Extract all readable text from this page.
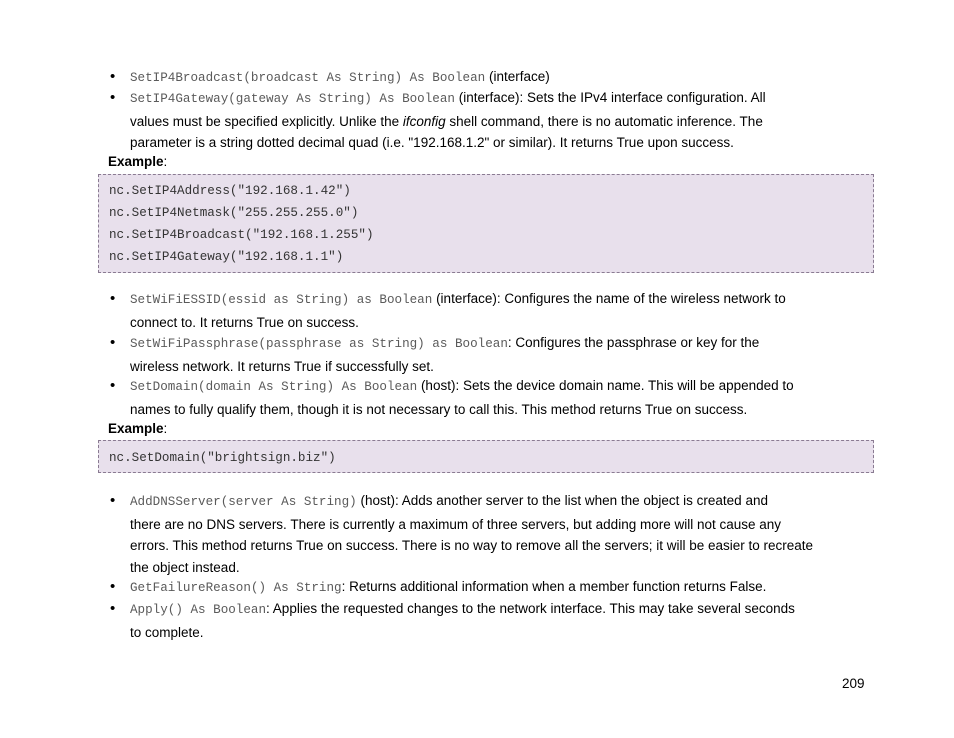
• SetIP4Broadcast(broadcast As String) As Boolean (interface)
• SetIP4Gateway(gateway As String) As Boolean (interface): Sets the IPv4 interface configuration. All
values must be specified explicitly. Unlike the ifconfig shell command, there is no automatic inference. The
parameter is a string dotted decimal quad (i.e. "192.168.1.2" or similar). It returns True upon success.
Example:
nc.SetIP4Address("192.168.1.42")
nc.SetIP4Netmask("255.255.255.0")
nc.SetIP4Broadcast("192.168.1.255")
nc.SetIP4Gateway("192.168.1.1")
• SetWiFiESSID(essid as String) as Boolean (interface): Configures the name of the wireless network to
connect to. It returns True on success.
• SetWiFiPassphrase(passphrase as String) as Boolean: Configures the passphrase or key for the
wireless network. It returns True if successfully set.
• SetDomain(domain As String) As Boolean (host): Sets the device domain name. This will be appended to
names to fully qualify them, though it is not necessary to call this. This method returns True on success.
Example:
nc.SetDomain("brightsign.biz")
• AddDNSServer(server As String) (host): Adds another server to the list when the object is created and
there are no DNS servers. There is currently a maximum of three servers, but adding more will not cause any
errors. This method returns True on success. There is no way to remove all the servers; it will be easier to recreate
the object instead.
• GetFailureReason() As String: Returns additional information when a member function returns False.
• Apply() As Boolean: Applies the requested changes to the network interface. This may take several seconds
to complete.
209
